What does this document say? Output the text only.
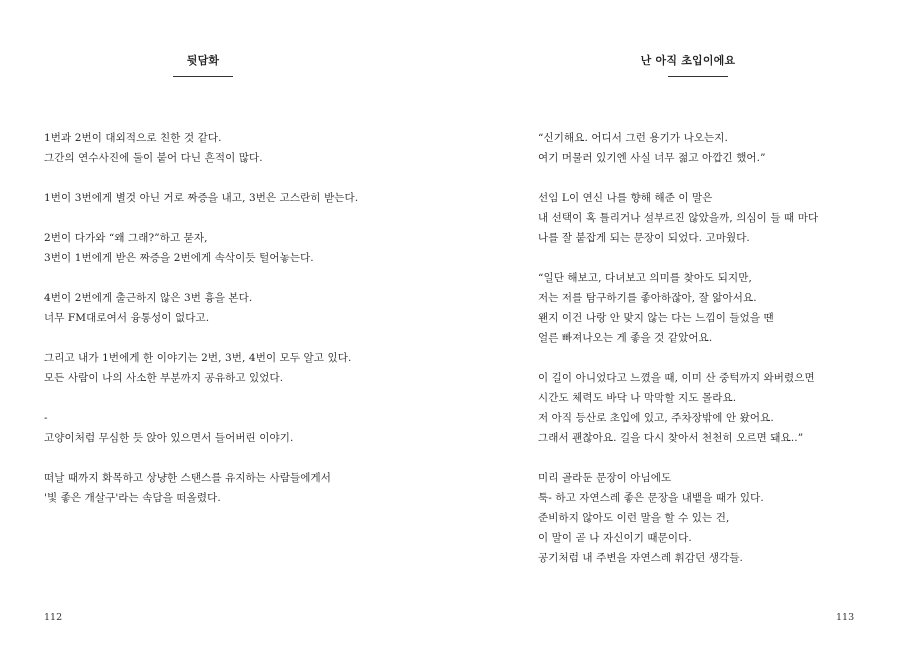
뒷담화

1번과 2번이 대외적으로 친한 것 같다.
그간의 연수사진에 둘이 붙어 다닌 흔적이 많다.

1번이 3번에게 별것 아닌 거로 짜증을 내고, 3번은 고스란히 받는다.

2번이 다가와 “왜 그래?”하고 묻자,
3번이 1번에게 받은 짜증을 2번에게 속삭이듯 털어놓는다.

4번이 2번에게 출근하지 않은 3번 흉을 본다.
너무 FM대로여서 융통성이 없다고.

그리고 내가 1번에게 한 이야기는 2번, 3번, 4번이 모두 알고 있다.
모든 사람이 나의 사소한 부분까지 공유하고 있었다.

-
고양이처럼 무심한 듯 앉아 있으면서 들어버린 이야기.

떠날 때까지 화목하고 상냥한 스탠스를 유지하는 사람들에게서
'빛 좋은 개살구'라는 속담을 떠올렸다.

112
난 아직 초입이에요

“신기해요. 어디서 그런 용기가 나오는지.
여기 머물러 있기엔 사실 너무 젊고 아깝긴 했어.”

선임 L이 연신 나를 향해 해준 이 말은
내 선택이 혹 틀리거나 설부르진 않았을까, 의심이 들 때 마다
나를 잘 붙잡게 되는 문장이 되었다. 고마웠다.

“일단 해보고, 다녀보고 의미를 찾아도 되지만,
저는 저를 탐구하기를 좋아하잖아, 잘 앎아서요.
왠지 이건 나랑 안 맞지 않는 다는 느낌이 들었을 땐
얼른 빠져나오는 게 좋을 것 같았어요.

이 길이 아니었다고 느꼈을 때, 이미 산 중턱까지 와버렸으면
시간도 체력도 바닥 나 막막할 지도 몰라요.
저 아직 등산로 초입에 있고, 주차장밖에 안 왔어요.
그래서 괜찮아요. 길을 다시 찾아서 천천히 오르면 돼요..”

미리 골라둔 문장이 아님에도
툭- 하고 자연스레 좋은 문장을 내뱉을 때가 있다.
준비하지 않아도 이런 말을 할 수 있는 건,
이 말이 곧 나 자신이기 때문이다.
공기처럼 내 주변을 자연스레 휘감던 생각들.

113
